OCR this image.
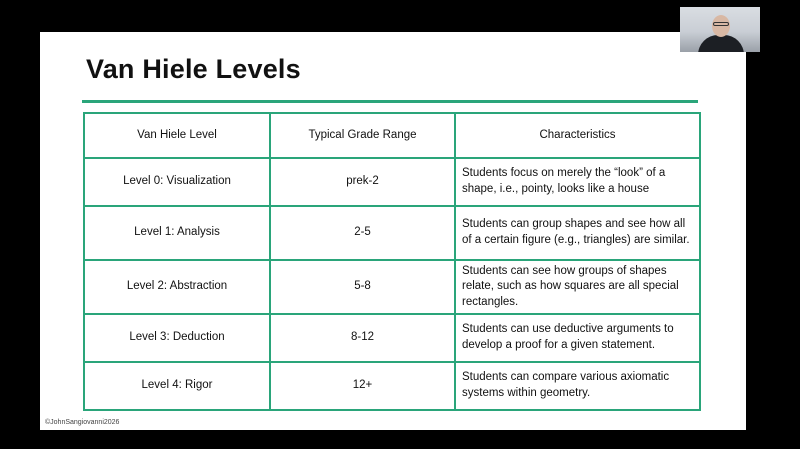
Van Hiele Levels
Van Hiele Level	Typical Grade Range	Characteristics
Level 0: Visualization	prek-2	Students focus on merely the “look” of a shape, i.e., pointy, looks like a house
Level 1: Analysis	2-5	Students can group shapes and see how all of a certain figure (e.g., triangles) are similar.
Level 2: Abstraction	5-8	Students can see how groups of shapes relate, such as how squares are all special rectangles.
Level 3: Deduction	8-12	Students can use deductive arguments to develop a proof for a given statement.
Level 4: Rigor	12+	Students can compare various axiomatic systems within geometry.
©JohnSangiovanni2026
